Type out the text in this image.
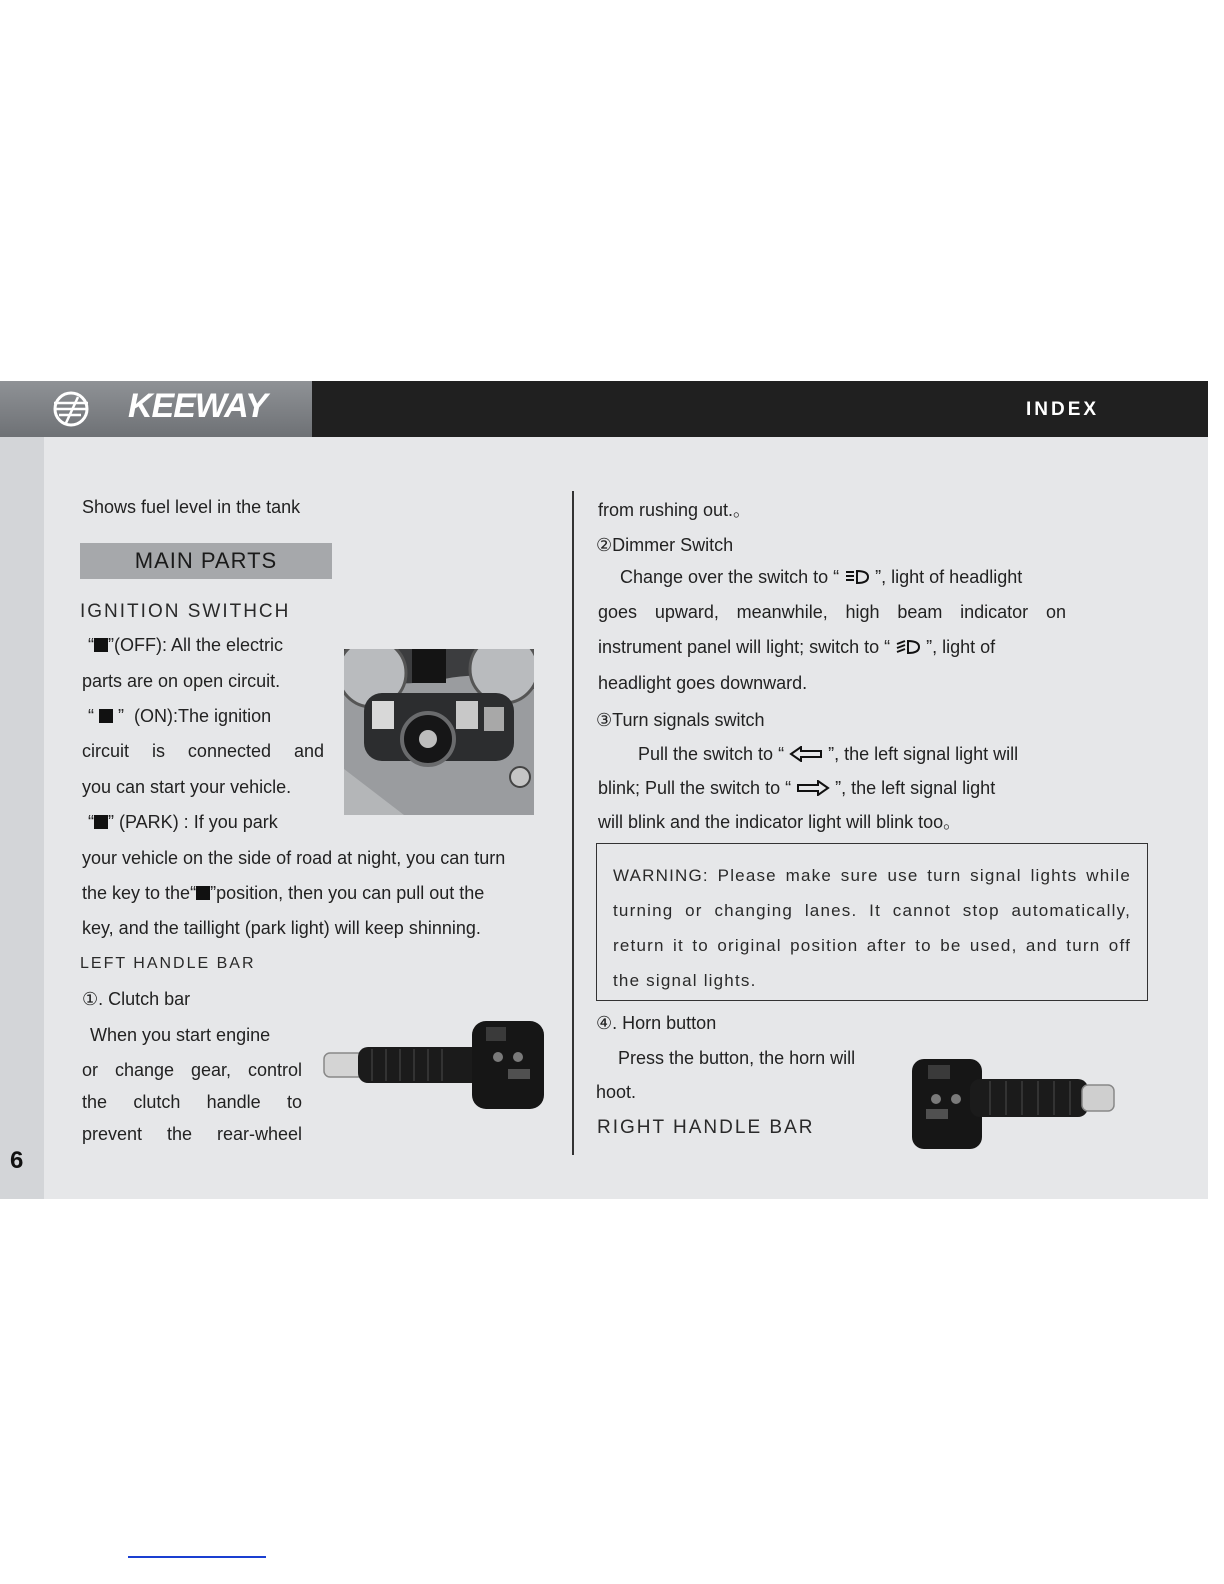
KEEWAY	INDEX
6
Shows fuel level in the tank
MAIN PARTS
IGNITION SWITHCH
“ ”(OFF): All the electric
parts are on open circuit.
“ ” (ON):The ignition
circuit is connected and
you can start your vehicle.
“ ” (PARK) : If you park
your vehicle on the side of road at night, you can turn
the key to the“ ”position, then you can pull out the
key, and the taillight (park light) will keep shinning.
LEFT HANDLE BAR
①. Clutch bar
When you start engine
or change gear, control
the clutch handle to
prevent the rear-wheel
from rushing out.。
②Dimmer Switch
Change over the switch to “ ”, light of headlight
goes upward, meanwhile, high beam indicator on
instrument panel will light; switch to “ ”, light of
headlight goes downward.
③Turn signals switch
Pull the switch to “ ”, the left signal light will
blink; Pull the switch to “ ”, the left signal light
will blink and the indicator light will blink too。
WARNING: Please make sure use turn signal lights while turning or changing lanes. It cannot stop automatically, return it to original position after to be used, and turn off the signal lights.
④. Horn button
Press the button, the horn will
hoot.
RIGHT HANDLE BAR
